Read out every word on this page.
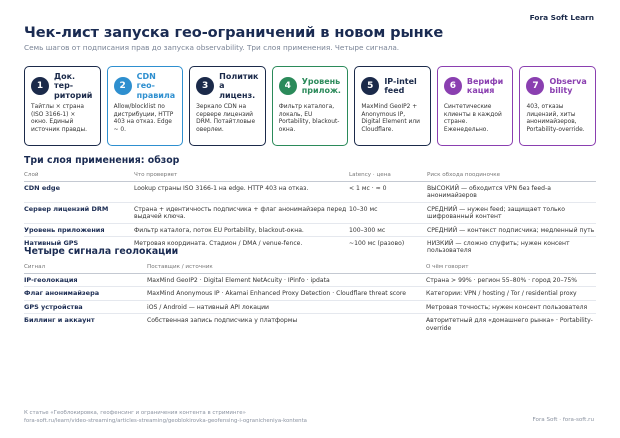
Fora Soft Learn
Чек-лист запуска гео-ограничений в новом рынке
Семь шагов от подписания прав до запуска observability. Три слоя применения. Четыре сигнала.
1
Док. территорий
Тайтлы × страна (ISO 3166-1) × окно. Единый источник правды.
2
CDN гео-правила
Allow/blocklist по дистрибуции, HTTP 403 на отказ. Edge ~ 0.
3
Политик а лиценз.
Зеркало CDN на сервере лицензий DRM. Потайтловые оверлеи.
4	Уровень прилож.
Фильтр каталога, локаль, EU Portability, blackout-окна.
5	IP-intel feed
MaxMind GeoIP2 + Anonymous IP, Digital Element или Cloudflare.
6	Верифи кация
Синтетические клиенты в каждой стране. Еженедельно.
7	Observa bility
403, отказы лицензий, хиты анонимайзеров, Portability-override.
Три слоя применения: обзор
Слой	Что проверяет	Latency · цена	Риск обхода поодиночке
CDN edge	Lookup страны ISO 3166-1 на edge. HTTP 403 на отказ.	< 1 мс · ≈ 0	ВЫСОКИЙ — обходится VPN без feed-а анонимайзеров
Сервер лицензий DRM	Страна + идентичность подписчика + флаг анонимайзера перед выдачей ключа.	10–30 мс	СРЕДНИЙ — нужен feed; защищает только шифрованный контент
Уровень приложения	Фильтр каталога, поток EU Portability, blackout-окна.	100–300 мс	СРЕДНИЙ — контекст подписчика; медленный путь
Нативный GPS	Метровая координата. Стадион / DMA / venue-fence.	~100 мс (разово)	НИЗКИЙ — сложно спуфить; нужен консент пользователя
Четыре сигнала геолокации
Сигнал	Поставщик / источник	О чём говорит
IP-геолокация	MaxMind GeoIP2 · Digital Element NetAcuity · IPinfo · ipdata	Страна > 99% · регион 55–80% · город 20–75%
Флаг анонимайзера	MaxMind Anonymous IP · Akamai Enhanced Proxy Detection · Cloudflare threat score	Категории: VPN / hosting / Tor / residential proxy
GPS устройства	iOS / Android — нативный API локации	Метровая точность; нужен консент пользователя
Биллинг и аккаунт	Собственная запись подписчика у платформы	Авторитетный для «домашнего рынка» · Portability-override
К статье «Геоблокировка, геофенсинг и ограничения контента в стриминге»
fora-soft.ru/learn/video-streaming/articles-streaming/geoblokirovka-geofensing-i-ogranicheniya-kontenta	Fora Soft · fora-soft.ru
